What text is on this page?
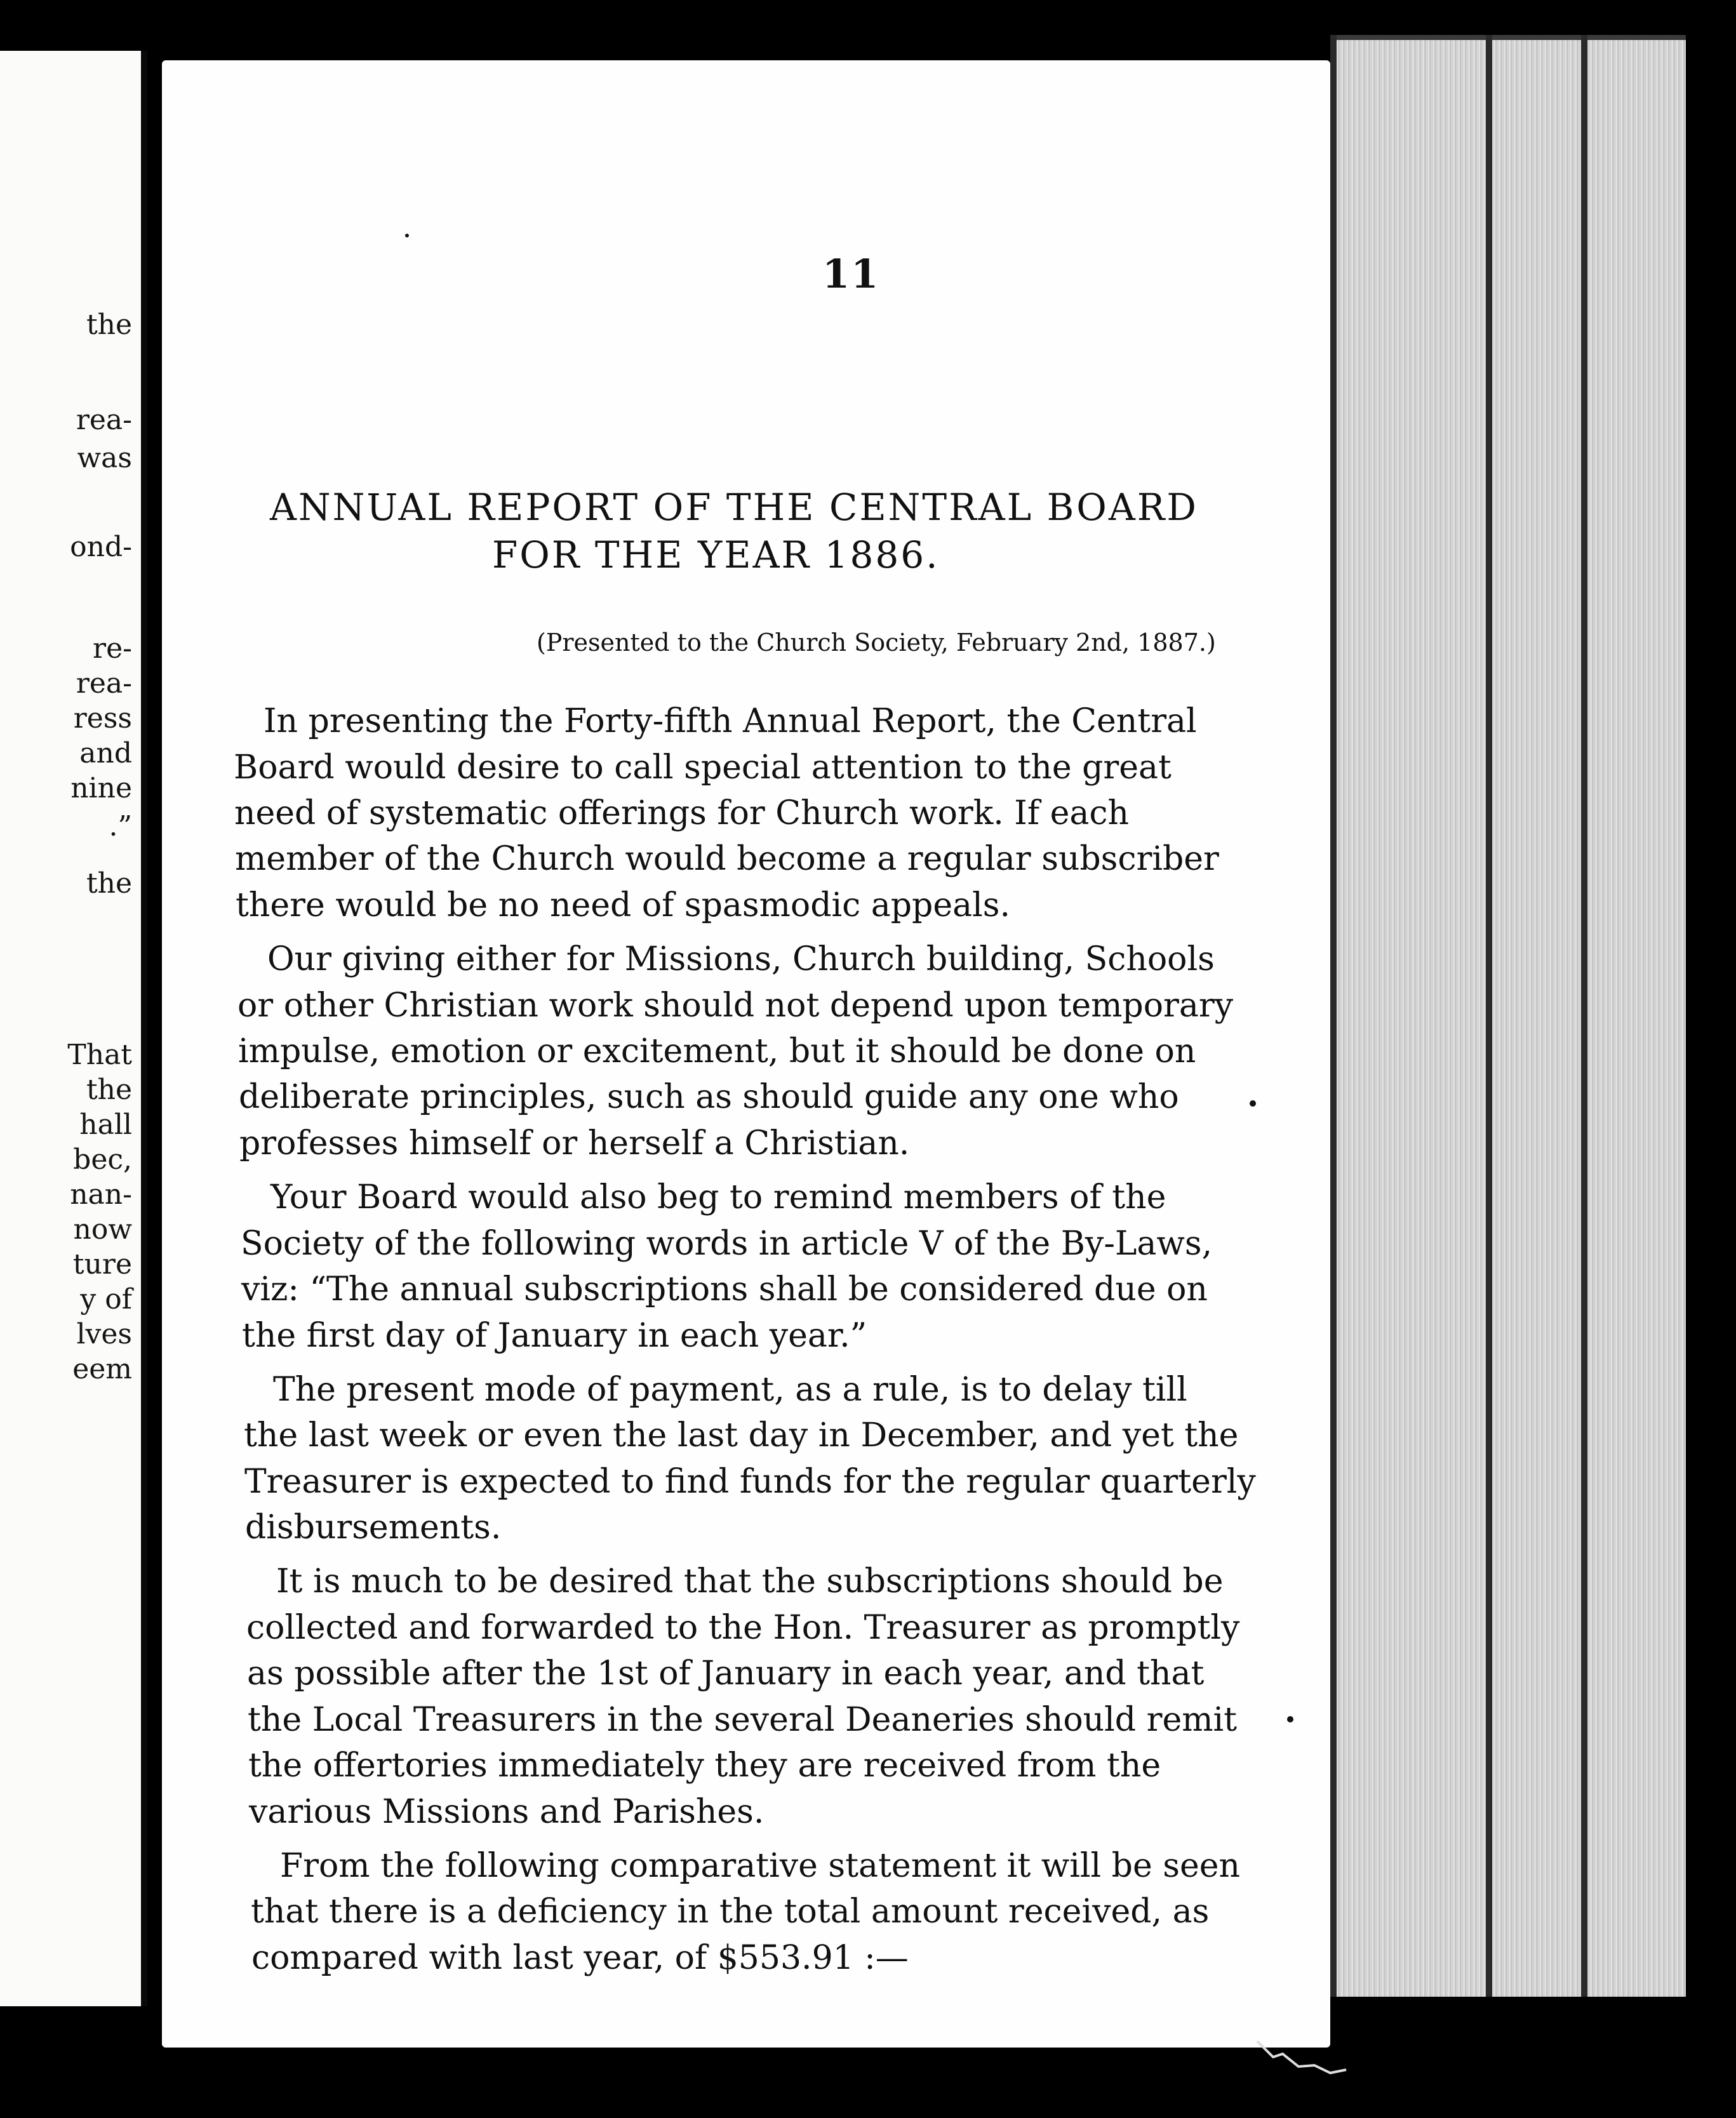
the
rea-
was
ond-
re-
rea-
ress
and
nine
.”
the
That
the
hall
bec,
nan-
now
ture
y of
lves
eem
11
ANNUAL REPORT OF THE CENTRAL BOARD
FOR THE YEAR 1886.
(Presented to the Church Society, February 2nd, 1887.)
In presenting the Forty-fifth Annual Report, the Central
Board would desire to call special attention to the great
need of systematic offerings for Church work. If each
member of the Church would become a regular subscriber
there would be no need of spasmodic appeals.
Our giving either for Missions, Church building, Schools
or other Christian work should not depend upon temporary
impulse, emotion or excitement, but it should be done on
deliberate principles, such as should guide any one who
professes himself or herself a Christian.
Your Board would also beg to remind members of the
Society of the following words in article V of the By-Laws,
viz: “The annual subscriptions shall be considered due on
the first day of January in each year.”
The present mode of payment, as a rule, is to delay till
the last week or even the last day in December, and yet the
Treasurer is expected to find funds for the regular quarterly
disbursements.
It is much to be desired that the subscriptions should be
collected and forwarded to the Hon. Treasurer as promptly
as possible after the 1st of January in each year, and that
the Local Treasurers in the several Deaneries should remit
the offertories immediately they are received from the
various Missions and Parishes.
From the following comparative statement it will be seen
that there is a deficiency in the total amount received, as
compared with last year, of $553.91 :—
